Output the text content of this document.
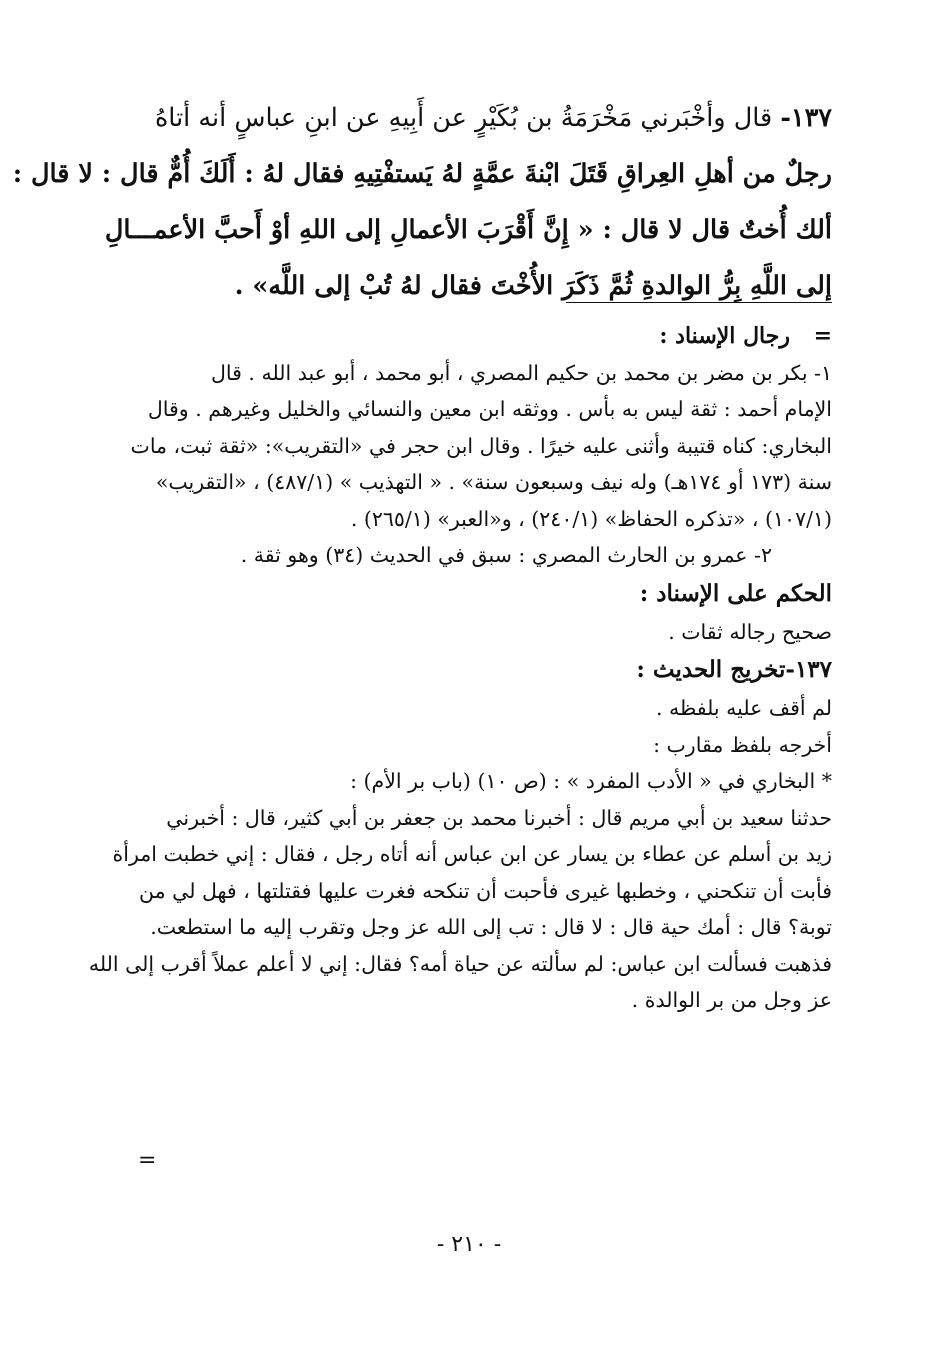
١٣٧- قال وأخْبَرني مَخْرَمَةُ بن بُكَيْرٍ عن أَبِيهِ عن ابنِ عباسٍ أنه أتاهُ
رجلٌ من أهلِ العِراقِ قَتَلَ ابْنةَ عمَّةٍ لهُ يَستفْتِيهِ فقال لهُ : أَلَكَ أُمٌّ قال : لا قال :
ألك أُختٌ قال لا قال : « إِنَّ أَقْرَبَ الأعمالِ إلى اللهِ أوْ أَحبَّ الأعمـــالِ
إلى اللَّهِ بِرُّ الوالدةِ ثُمَّ ذَكَرَ الأُخْتَ فقال لهُ تُبْ إلى اللَّه» .
=رجال الإسناد :
١- بكر بن مضر بن محمد بن حكيم المصري ، أبو محمد ، أبو عبد الله . قال
الإمام أحمد : ثقة ليس به بأس . ووثقه ابن معين والنسائي والخليل وغيرهم . وقال
البخاري: كناه قتيبة وأثنى عليه خيرًا . وقال ابن حجر في «التقريب»: «ثقة ثبت، مات
سنة (١٧٣ أو ١٧٤هـ) وله نيف وسبعون سنة» . « التهذيب » (٤٨٧/١) ، «التقريب»
(١٠٧/١) ، «تذكره الحفاظ» (٢٤٠/١) ، و«العبر» (٢٦٥/١) .
٢- عمرو بن الحارث المصري : سبق في الحديث (٣٤) وهو ثقة .
الحكم على الإسناد :
صحيح رجاله ثقات .
١٣٧-تخريج الحديث :
لم أقف عليه بلفظه .
أخرجه بلفظ مقارب :
* البخاري في « الأدب المفرد » : (ص ١٠) (باب بر الأم) :
حدثنا سعيد بن أبي مريم قال : أخبرنا محمد بن جعفر بن أبي كثير، قال : أخبرني
زيد بن أسلم عن عطاء بن يسار عن ابن عباس أنه أتاه رجل ، فقال : إني خطبت امرأة
فأبت أن تنكحني ، وخطبها غيرى فأحبت أن تنكحه فغرت عليها فقتلتها ، فهل لي من
توبة؟ قال : أمك حية قال : لا قال : تب إلى الله عز وجل وتقرب إليه ما استطعت.
فذهبت فسألت ابن عباس: لم سألته عن حياة أمه؟ فقال: إني لا أعلم عملاً أقرب إلى الله
عز وجل من بر الوالدة .
=
- ٢١٠ -
